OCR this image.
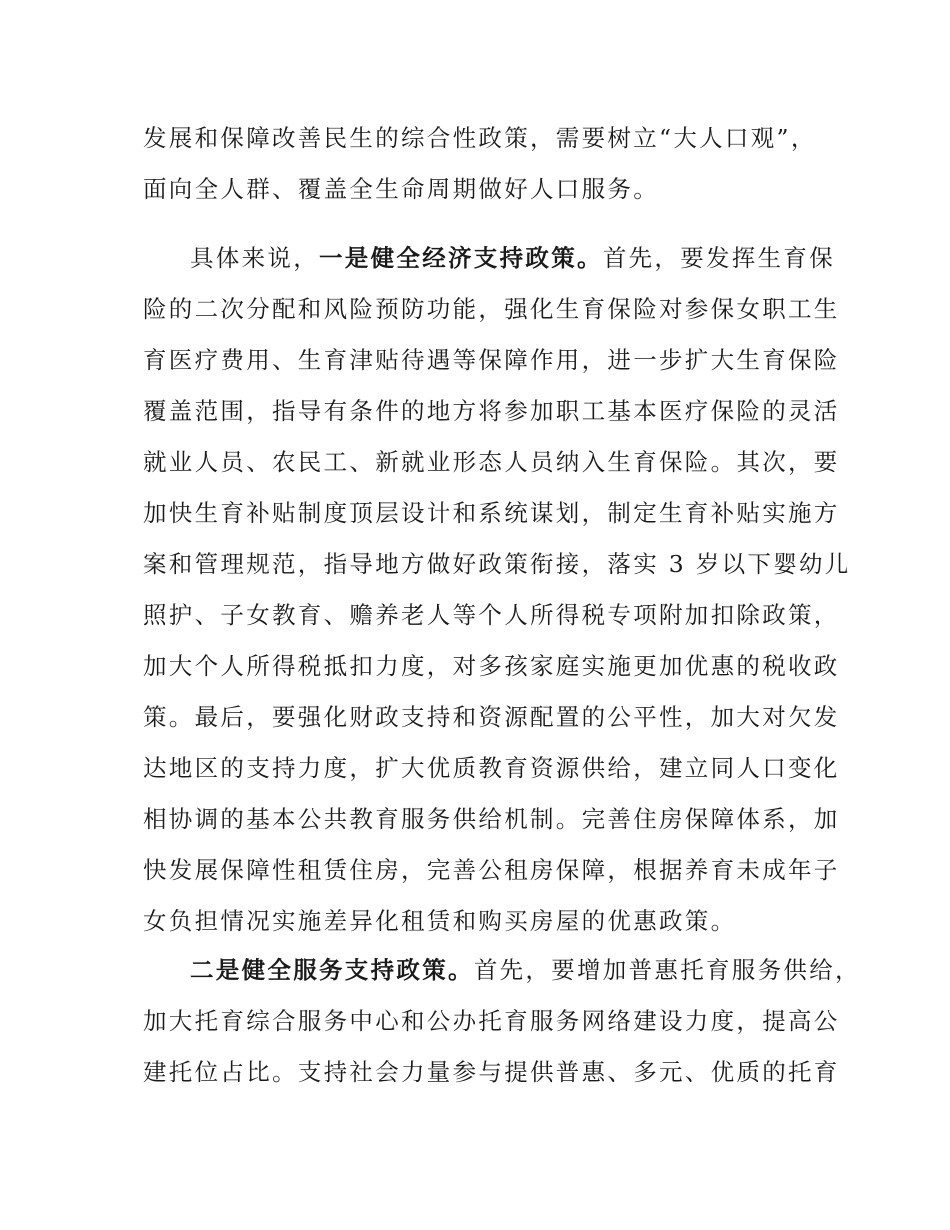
发展和保障改善民生的综合性政策，需要树立“大人口观”，
面向全人群、覆盖全生命周期做好人口服务。
具体来说，一是健全经济支持政策。首先，要发挥生育保
险的二次分配和风险预防功能，强化生育保险对参保女职工生
育医疗费用、生育津贴待遇等保障作用，进一步扩大生育保险
覆盖范围，指导有条件的地方将参加职工基本医疗保险的灵活
就业人员、农民工、新就业形态人员纳入生育保险。其次，要
加快生育补贴制度顶层设计和系统谋划，制定生育补贴实施方
案和管理规范，指导地方做好政策衔接，落实 3 岁以下婴幼儿
照护、子女教育、赡养老人等个人所得税专项附加扣除政策，
加大个人所得税抵扣力度，对多孩家庭实施更加优惠的税收政
策。最后，要强化财政支持和资源配置的公平性，加大对欠发
达地区的支持力度，扩大优质教育资源供给，建立同人口变化
相协调的基本公共教育服务供给机制。完善住房保障体系，加
快发展保障性租赁住房，完善公租房保障，根据养育未成年子
女负担情况实施差异化租赁和购买房屋的优惠政策。
二是健全服务支持政策。首先，要增加普惠托育服务供给，
加大托育综合服务中心和公办托育服务网络建设力度，提高公
建托位占比。支持社会力量参与提供普惠、多元、优质的托育
